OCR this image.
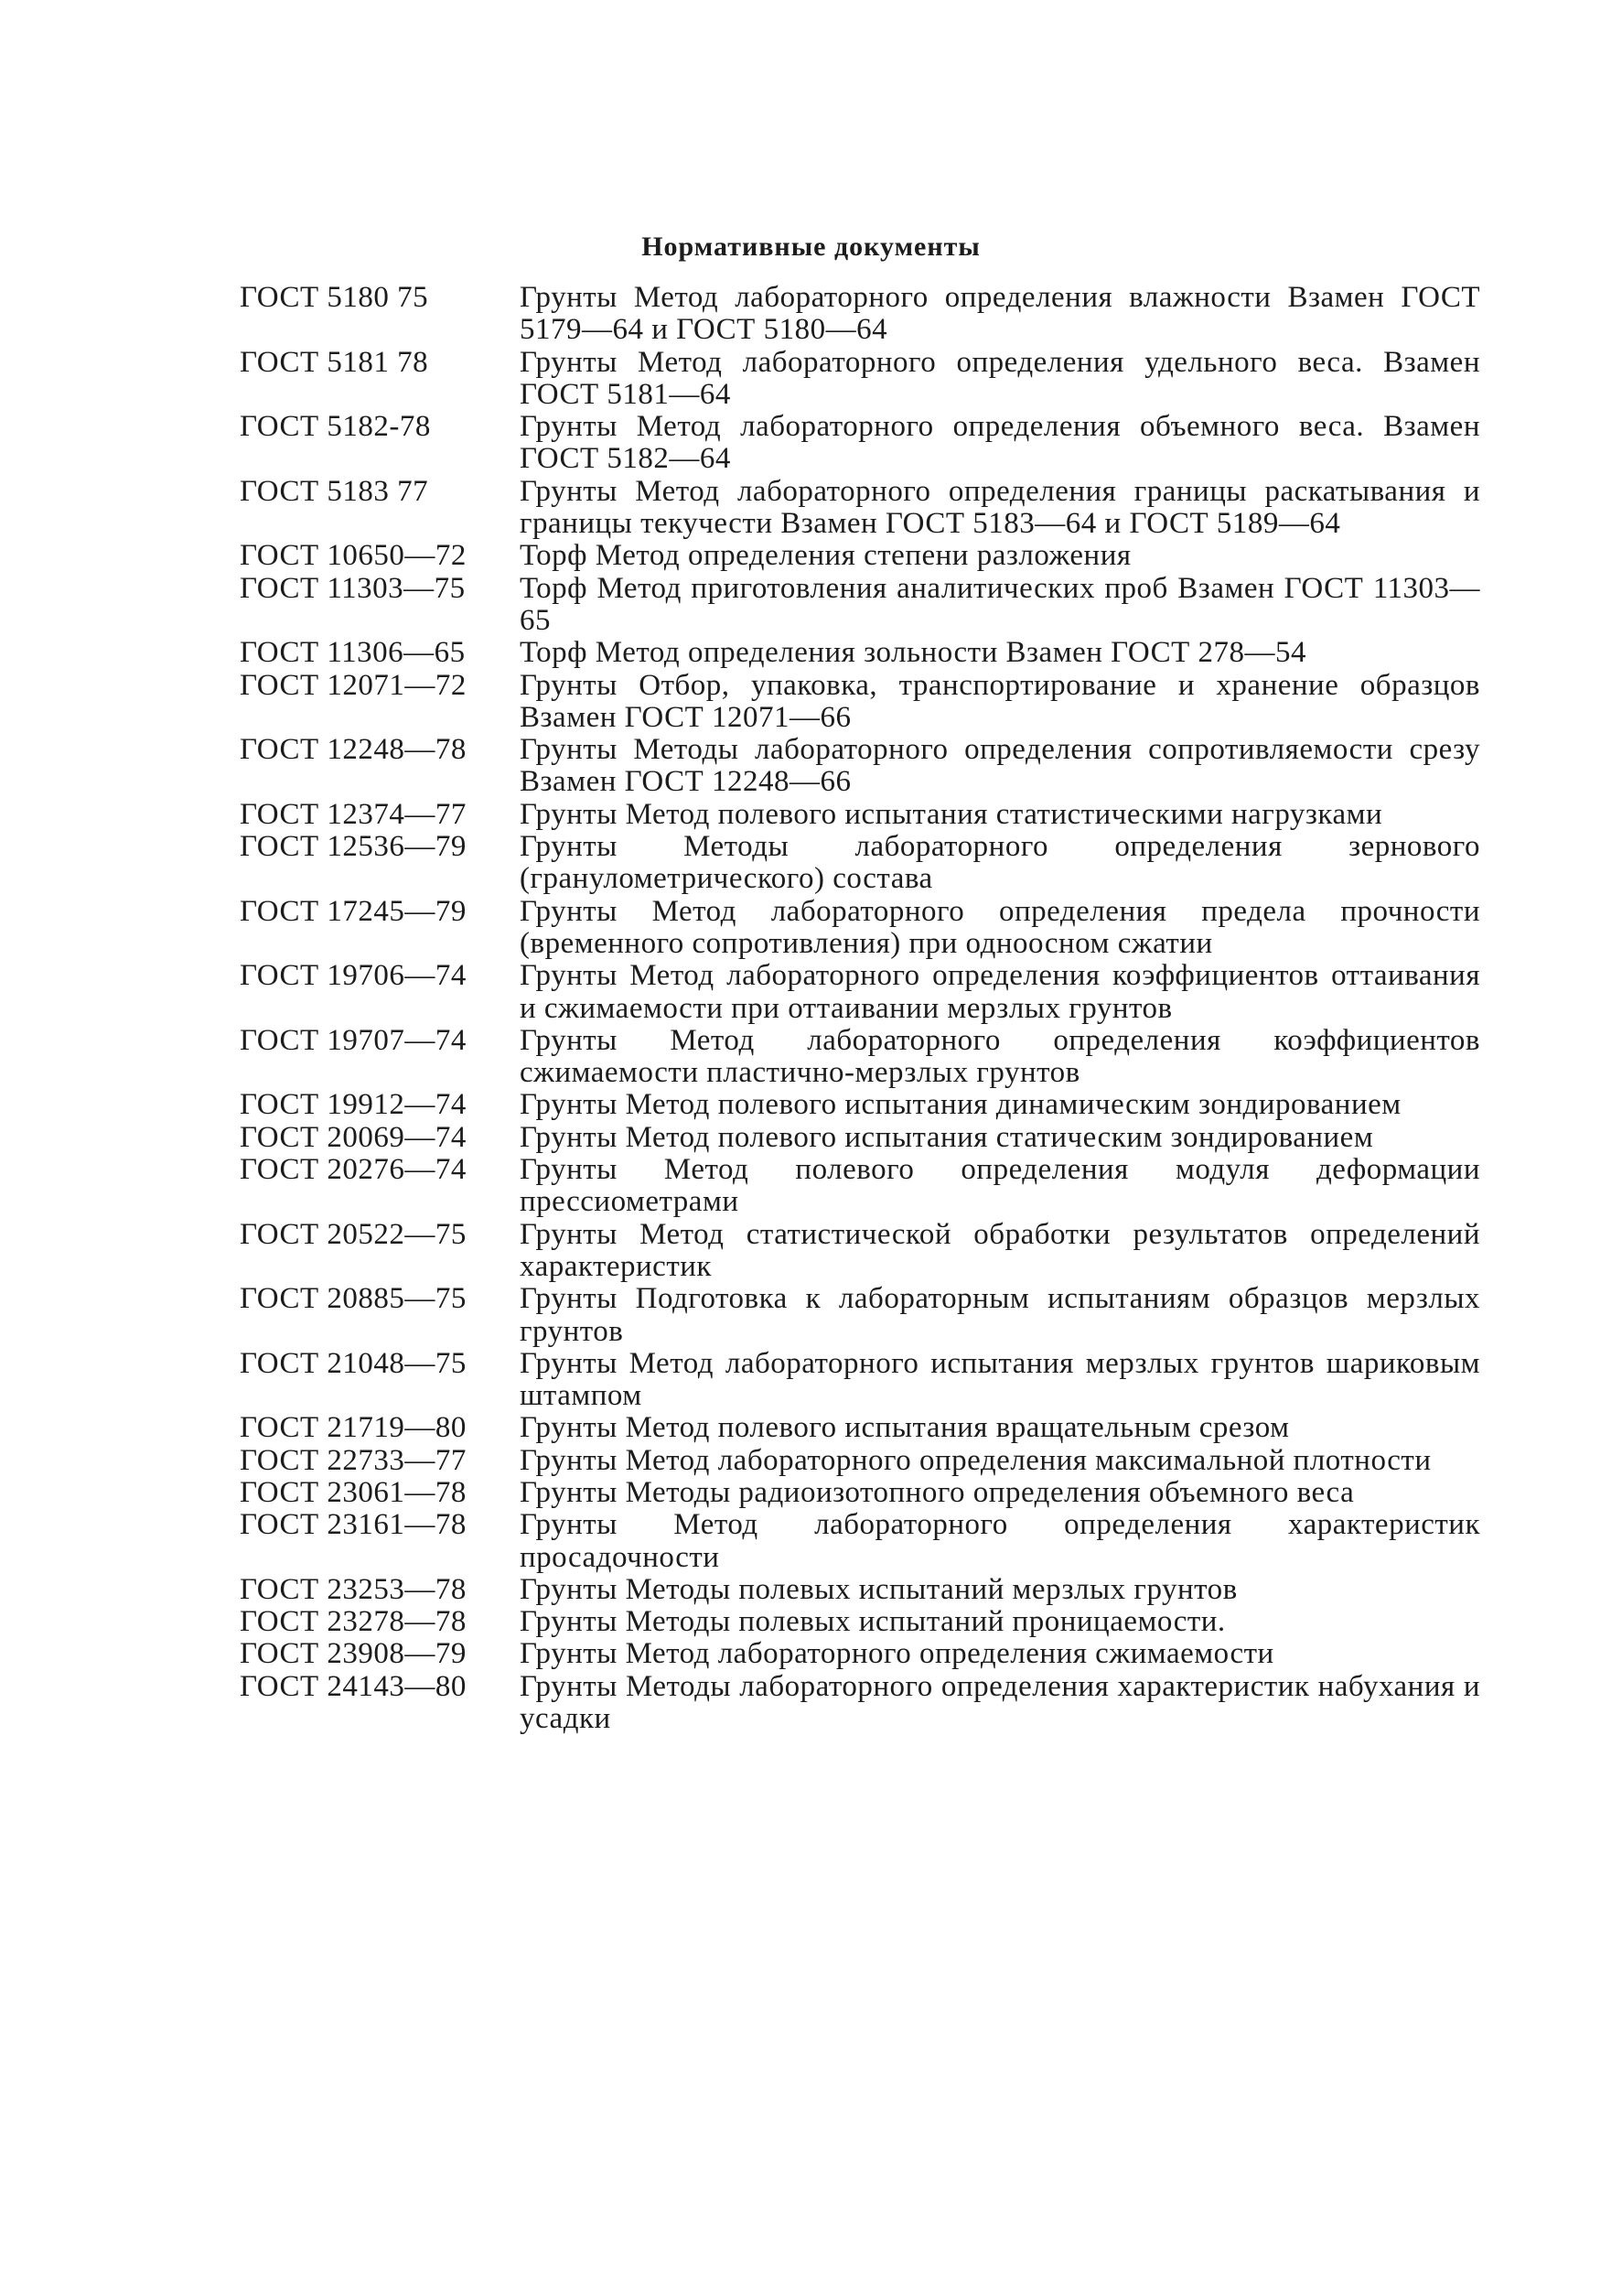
Нормативные документы
ГОСТ 5180 75	Грунты Метод лабораторного определения влажности Взамен ГОСТ 5179—64 и ГОСТ 5180—64
ГОСТ 5181 78	Грунты Метод лабораторного определения удельного веса. Взамен ГОСТ 5181—64
ГОСТ 5182-78	Грунты Метод лабораторного определения объемного веса. Взамен ГОСТ 5182—64
ГОСТ 5183 77	Грунты Метод лабораторного определения границы раскатывания и границы текучести Взамен ГОСТ 5183—64 и ГОСТ 5189—64
ГОСТ 10650—72	Торф Метод определения степени разложения
ГОСТ 11303—75	Торф Метод приготовления аналитических проб Взамен ГОСТ 11303—65
ГОСТ 11306—65	Торф Метод определения зольности Взамен ГОСТ 278—54
ГОСТ 12071—72	Грунты Отбор, упаковка, транспортирование и хранение образцов Взамен ГОСТ 12071—66
ГОСТ 12248—78	Грунты Методы лабораторного определения сопротивляемости срезу Взамен ГОСТ 12248—66
ГОСТ 12374—77	Грунты Метод полевого испытания статистическими нагрузками
ГОСТ 12536—79	Грунты Методы лабораторного определения зернового (гранулометрического) состава
ГОСТ 17245—79	Грунты Метод лабораторного определения предела прочности (временного сопротивления) при одноосном сжатии
ГОСТ 19706—74	Грунты Метод лабораторного определения коэффициентов оттаивания и сжимаемости при оттаивании мерзлых грунтов
ГОСТ 19707—74	Грунты Метод лабораторного определения коэффициентов сжимаемости пластично-мерзлых грунтов
ГОСТ 19912—74	Грунты Метод полевого испытания динамическим зондированием
ГОСТ 20069—74	Грунты Метод полевого испытания статическим зондированием
ГОСТ 20276—74	Грунты Метод полевого определения модуля деформации прессиометрами
ГОСТ 20522—75	Грунты Метод статистической обработки результатов определений характеристик
ГОСТ 20885—75	Грунты Подготовка к лабораторным испытаниям образцов мерзлых грунтов
ГОСТ 21048—75	Грунты Метод лабораторного испытания мерзлых грунтов шариковым штампом
ГОСТ 21719—80	Грунты Метод полевого испытания вращательным срезом
ГОСТ 22733—77	Грунты Метод лабораторного определения максимальной плотности
ГОСТ 23061—78	Грунты Методы радиоизотопного определения объемного веса
ГОСТ 23161—78	Грунты Метод лабораторного определения характеристик просадочности
ГОСТ 23253—78	Грунты Методы полевых испытаний мерзлых грунтов
ГОСТ 23278—78	Грунты Методы полевых испытаний проницаемости.
ГОСТ 23908—79	Грунты Метод лабораторного определения сжимаемости
ГОСТ 24143—80	Грунты Методы лабораторного определения характеристик набухания и усадки
